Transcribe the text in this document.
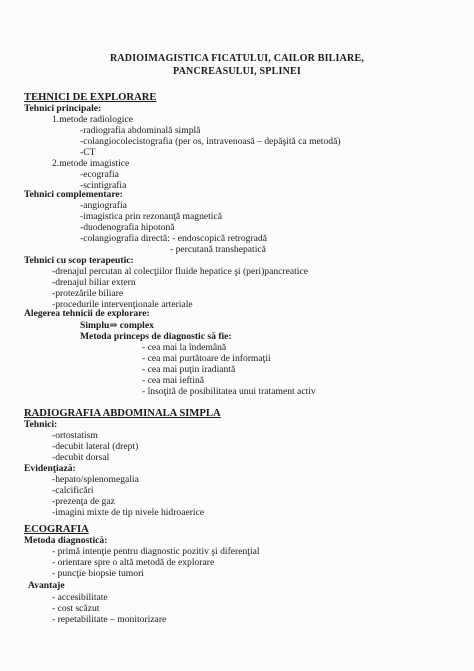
RADIOIMAGISTICA FICATULUI, CAILOR BILIARE,
PANCREASULUI, SPLINEI
TEHNICI DE EXPLORARE
Tehnici principale:
1.metode radiologice
-radiografia abdominală simplă
-colangiocolecistografia (per os, intravenoasă – depăşită ca metodă)
-CT
2.metode imagistice
-ecografia
-scintigrafia
Tehnici complementare:
-angiografia
-imagistica prin rezonanţă magnetică
-duodenografia hipotonă
-colangiografia directă: - endoscopică retrogradă
- percutană transhepatică
Tehnici cu scop terapeutic:
-drenajul percutan al colecţiilor fluide hepatice şi (peri)pancreatice
-drenajul biliar extern
-protezările biliare
-procedurile intervenţionale arteriale
Alegerea tehnicii de explorare:
Simplu⇒ complex
Metoda princeps de diagnostic să fie:
- cea mai la îndemână
- cea mai purtătoare de informaţii
- cea mai puţin iradiantă
- cea mai ieftină
- însoţită de posibilitatea unui tratament activ
RADIOGRAFIA ABDOMINALA SIMPLA
Tehnici:
-ortostatism
-decubit lateral (drept)
-decubit dorsal
Evidenţiază:
-hepato/splenomegalia
-calcificări
-prezenţa de gaz
-imagini mixte de tip nivele hidroaerice
ECOGRAFIA
Metoda diagnostică:
- primă intenţie pentru diagnostic pozitiv şi diferenţial
- orientare spre o altă metodă de explorare
- puncţie biopsie tumori
Avantaje
- accesibilitate
- cost scăzut
- repetabilitate – monitorizare
